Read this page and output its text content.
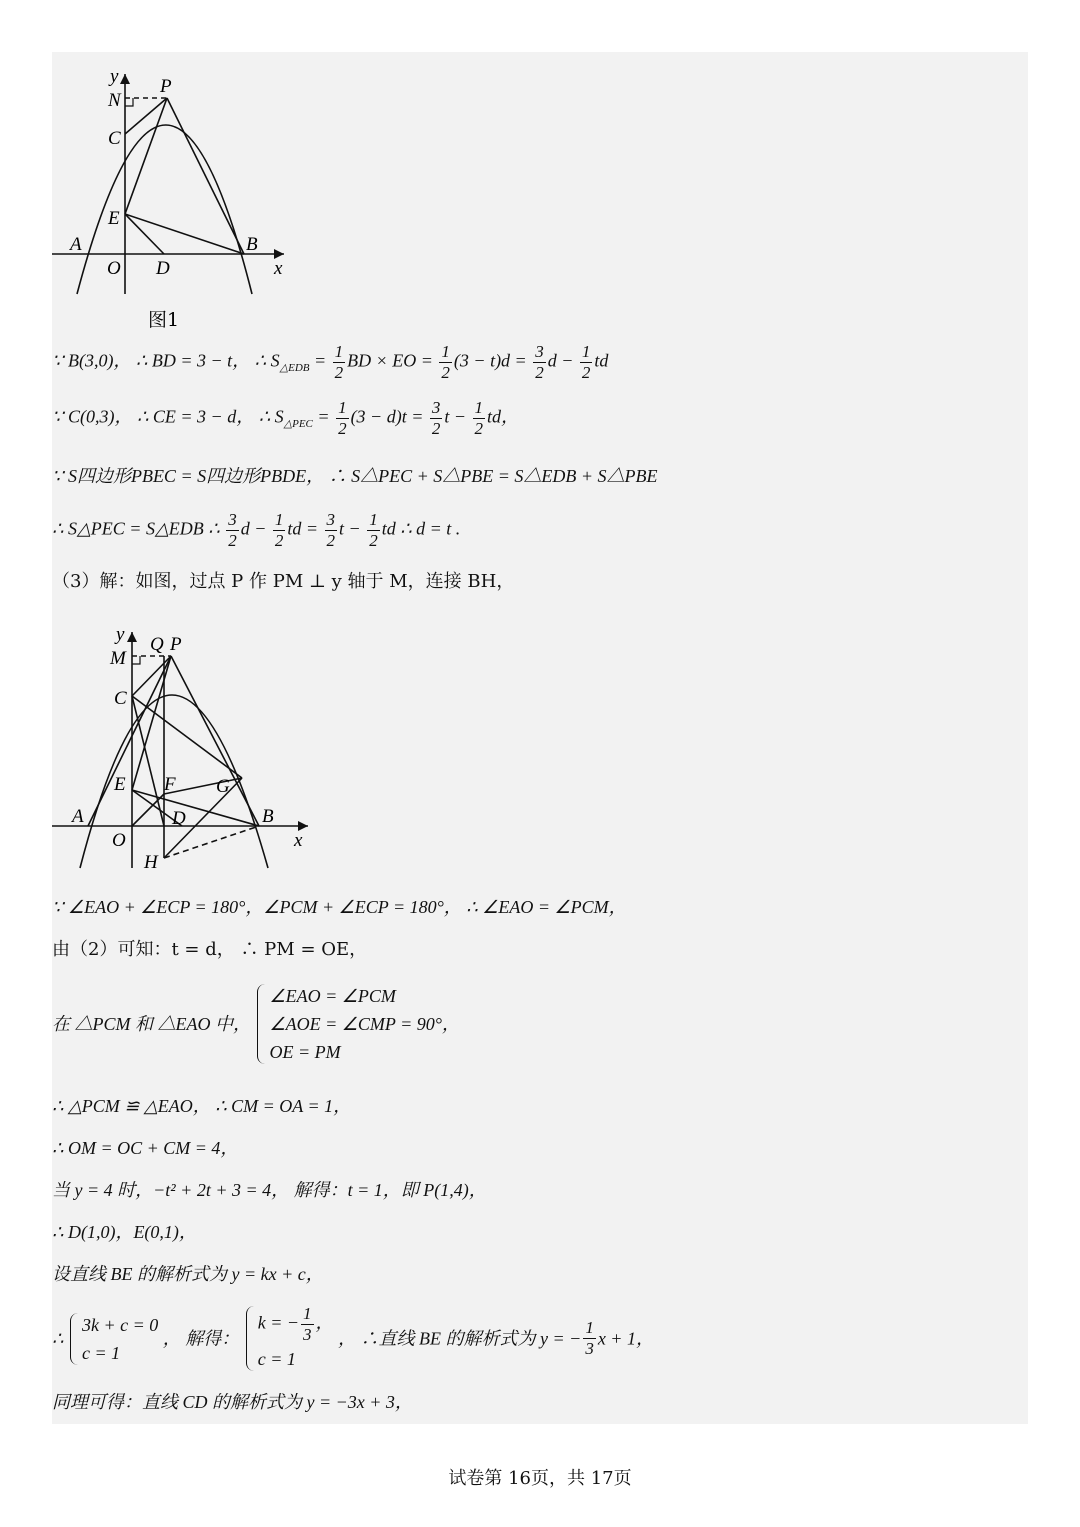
y
N
P
C
E
A	B
O D	x
图1
∵ B(3,0)， ∴ BD = 3 − t， ∴ $S_{\triangle EDB} = \frac{1}{2}$ BD × EO = $\frac{1}{2} (3 - t)d = \frac{3}{2}$ $d - \frac{1}{2}$ td
∵ C(0,3)， ∴ CE = 3 − d， ∴ $S_{\triangle PEC} = \frac{1}{2} (3 - d)t = \frac{3}{2}$ $t - \frac{1}{2}$ td，
∵ S四边形PBEC = S四边形PBDE， ∴ S△PEC + S△PBE = S△EDB + S△PBE
∴ S△PEC = S△EDB ∴ $\frac{3}{2}$ $d - \frac{1}{2}$ td = $\frac{3}{2}$ $t - \frac{1}{2}$ td ∴ d = t .
（3）解：如图，过点 P 作 PM ⊥ y 轴于 M，连接 BH，
y Q P
M
C
E F G
A	B
O
D
H
x
∵ ∠EAO + ∠ECP = 180°，∠PCM + ∠ECP = 180°， ∴ ∠EAO = ∠PCM，
由（2）可知：t = d， ∴ PM = OE，
在 △PCM 和 △EAO 中，
∠EAO = ∠PCM
∠AOE = ∠CMP = 90°，
OE = PM
∴ △PCM ≌ △EAO， ∴ CM = OA = 1，
∴ OM = OC + CM = 4，
当 y = 4 时，−t² + 2t + 3 = 4， 解得：t = 1，即 P(1,4)，
∴ D(1,0)，E(0,1)，
设直线 BE 的解析式为 y = kx + c，
∴
3k + c = 0
c = 1
， 解得：
k = − $\frac{1}{3}$ ，
c = 1
， ∴直线 BE 的解析式为 y = − $\frac{1}{3}$ x + 1，
同理可得：直线 CD 的解析式为 y = −3x + 3，
试卷第 16页，共 17页
